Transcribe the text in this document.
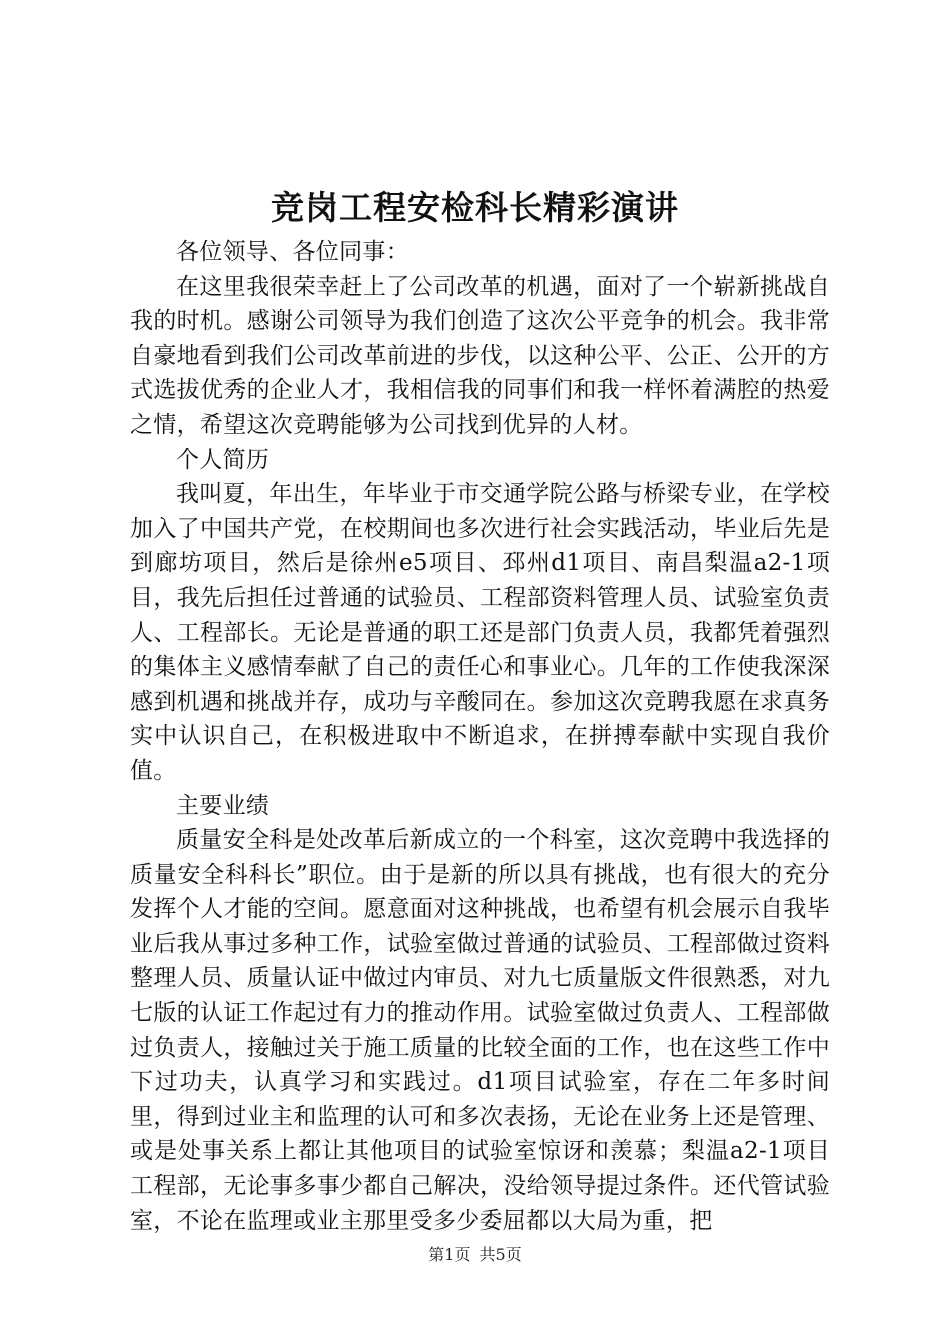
竞岗工程安检科长精彩演讲

各位领导、各位同事：

在这里我很荣幸赶上了公司改革的机遇，面对了一个崭新挑战自我的时机。感谢公司领导为我们创造了这次公平竞争的机会。我非常自豪地看到我们公司改革前进的步伐，以这种公平、公正、公开的方式选拔优秀的企业人才，我相信我的同事们和我一样怀着满腔的热爱之情，希望这次竞聘能够为公司找到优异的人材。

个人简历

我叫夏，年出生，年毕业于市交通学院公路与桥梁专业，在学校加入了中国共产党，在校期间也多次进行社会实践活动，毕业后先是到廊坊项目，然后是徐州e5项目、邳州d1项目、南昌梨温a2-1项目，我先后担任过普通的试验员、工程部资料管理人员、试验室负责人、工程部长。无论是普通的职工还是部门负责人员，我都凭着强烈的集体主义感情奉献了自己的责任心和事业心。几年的工作使我深深感到机遇和挑战并存，成功与辛酸同在。参加这次竞聘我愿在求真务实中认识自己，在积极进取中不断追求，在拼搏奉献中实现自我价值。

主要业绩

质量安全科是处改革后新成立的一个科室，这次竞聘中我选择的质量安全科科长”职位。由于是新的所以具有挑战，也有很大的充分发挥个人才能的空间。愿意面对这种挑战，也希望有机会展示自我毕业后我从事过多种工作，试验室做过普通的试验员、工程部做过资料整理人员、质量认证中做过内审员、对九七质量版文件很熟悉，对九七版的认证工作起过有力的推动作用。试验室做过负责人、工程部做过负责人，接触过关于施工质量的比较全面的工作，也在这些工作中下过功夫，认真学习和实践过。d1项目试验室，存在二年多时间里，得到过业主和监理的认可和多次表扬，无论在业务上还是管理、或是处事关系上都让其他项目的试验室惊讶和羡慕；梨温a2-1项目工程部，无论事多事少都自己解决，没给领导提过条件。还代管试验室，不论在监理或业主那里受多少委屈都以大局为重，把

第1页 共5页
